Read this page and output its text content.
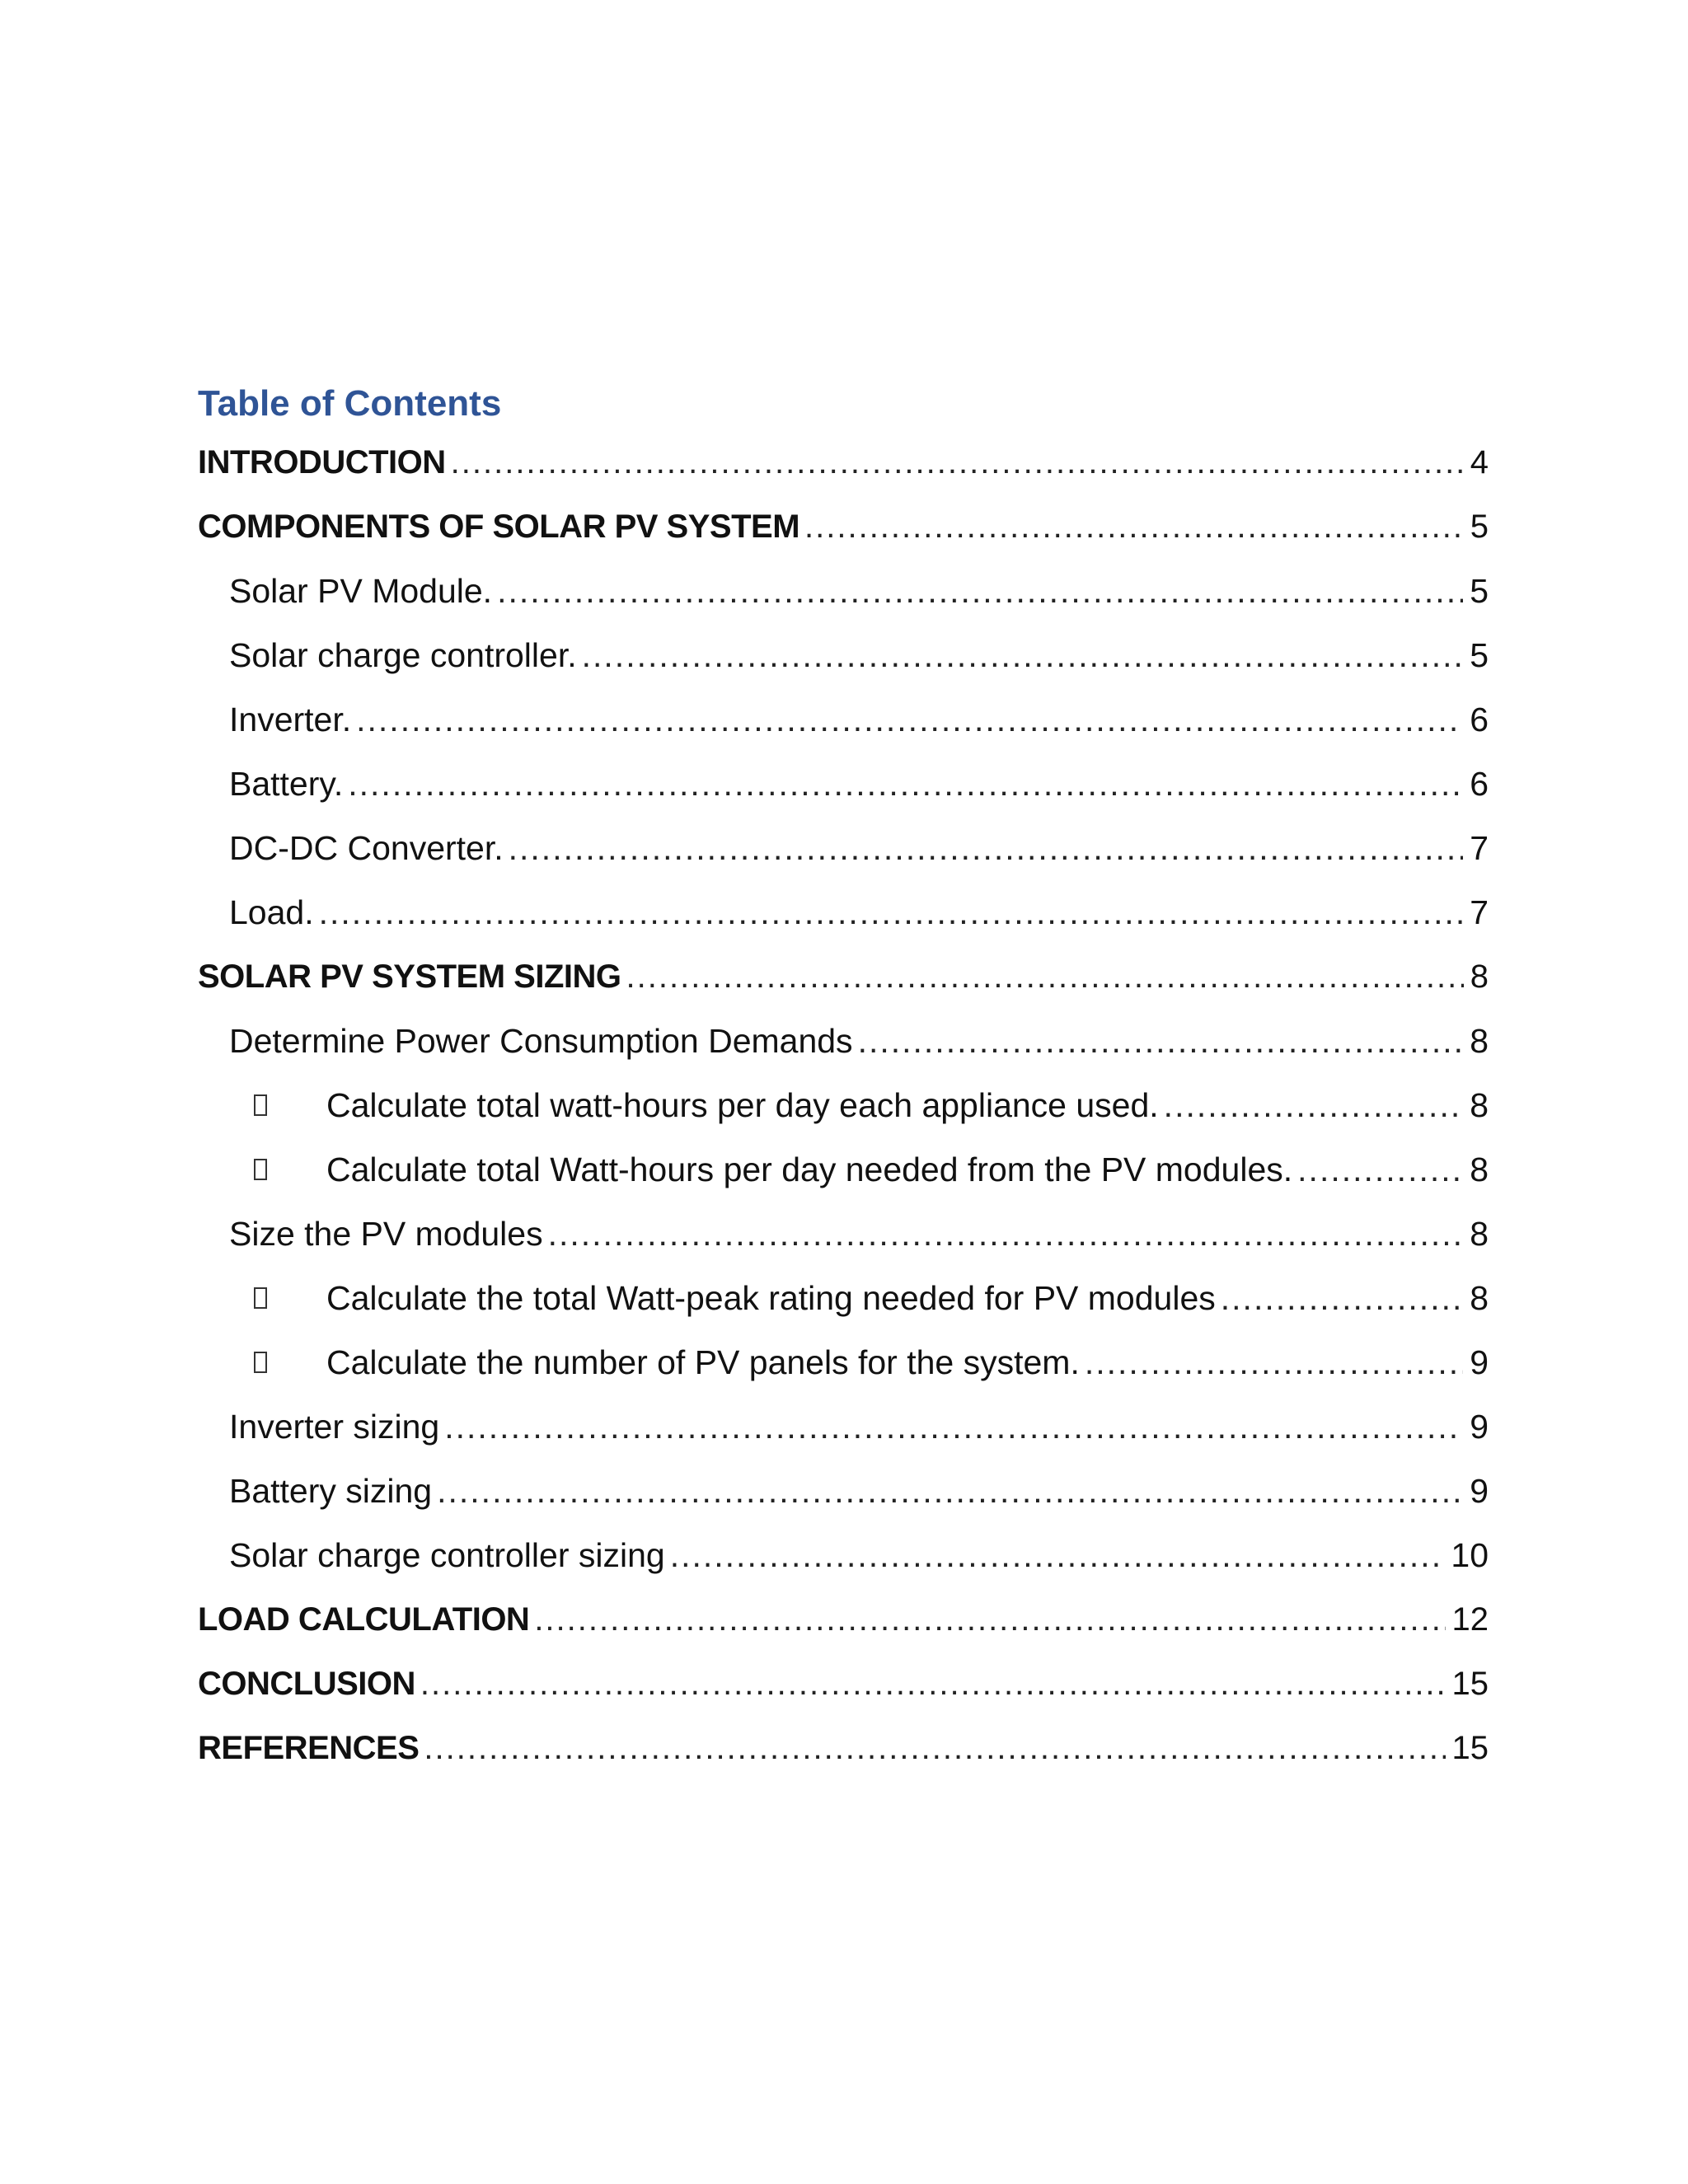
Table of Contents
INTRODUCTION .....	4
COMPONENTS OF SOLAR PV SYSTEM .....	5
Solar PV Module. .....	5
Solar charge controller. .....	5
Inverter. .....	6
Battery. .....	6
DC-DC Converter. .....	7
Load. .....	7
SOLAR PV SYSTEM SIZING .....	8
Determine Power Consumption Demands .....	8
Calculate total watt-hours per day each appliance used. .....	8
Calculate total Watt-hours per day needed from the PV modules. .....	8
Size the PV modules .....	8
Calculate the total Watt-peak rating needed for PV modules .....	8
Calculate the number of PV panels for the system. .....	9
Inverter sizing .....	9
Battery sizing .....	9
Solar charge controller sizing .....	10
LOAD CALCULATION .....	12
CONCLUSION .....	15
REFERENCES .....	15
